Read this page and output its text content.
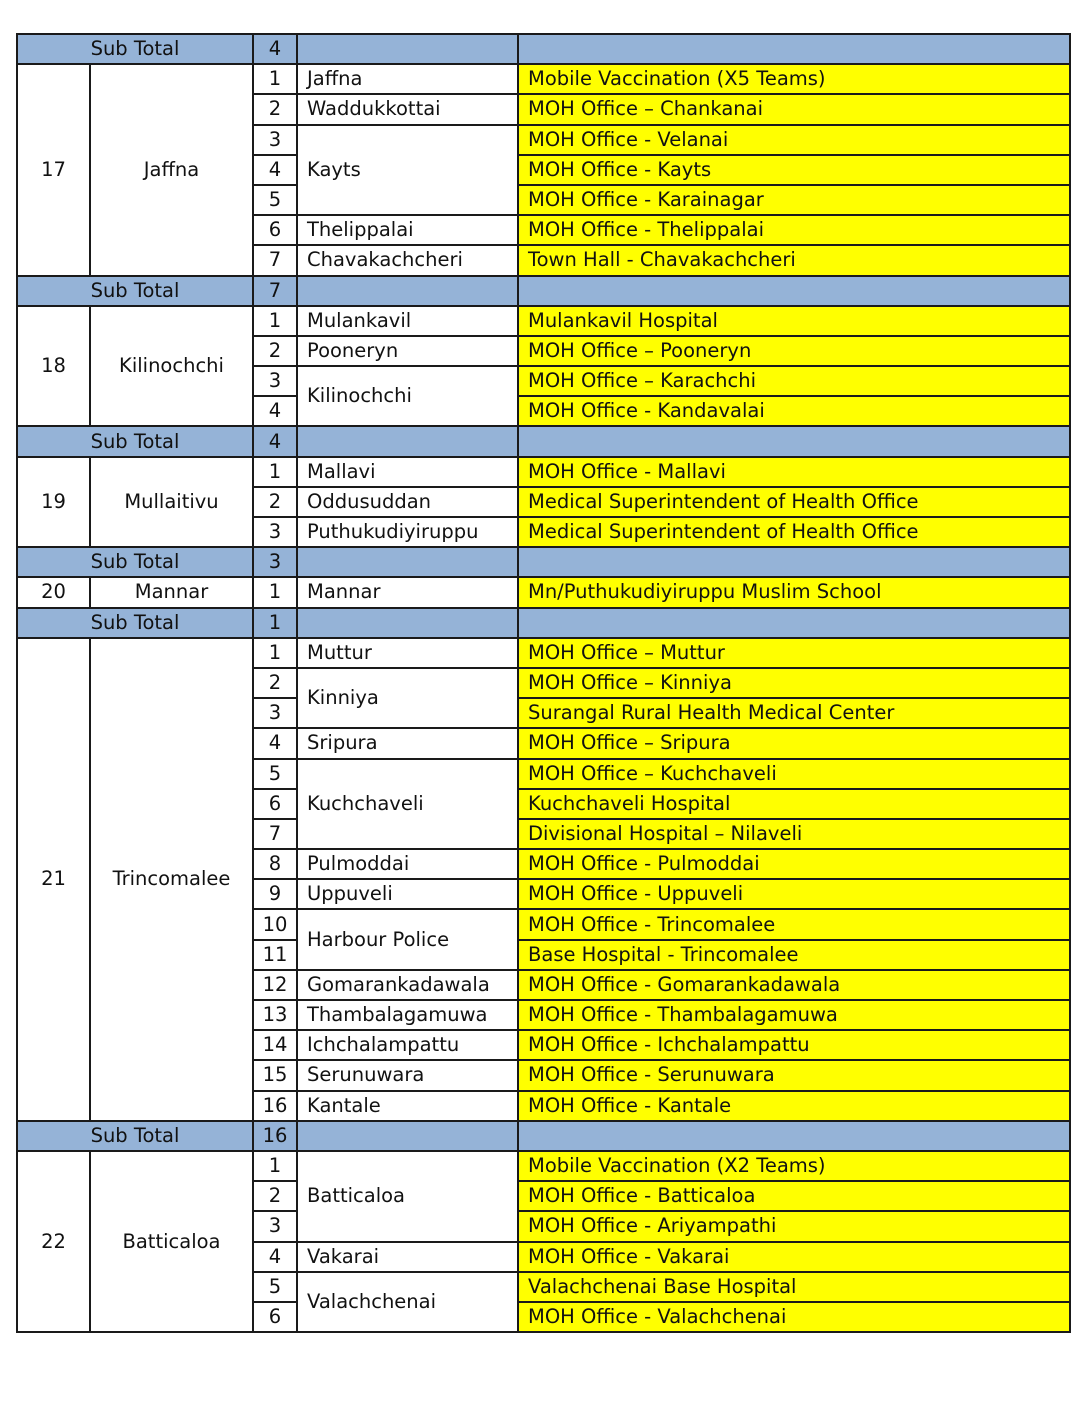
Sub Total		4		
17	Jaffna	1	Jaffna	Mobile Vaccination (X5 Teams)
		2	Waddukkottai	MOH Office – Chankanai
		3	Kayts	MOH Office - Velanai
		4		MOH Office - Kayts
		5		MOH Office - Karainagar
		6	Thelippalai	MOH Office - Thelippalai
		7	Chavakachcheri	Town Hall - Chavakachcheri
Sub Total		7		
18	Kilinochchi	1	Mulankavil	Mulankavil Hospital
		2	Pooneryn	MOH Office – Pooneryn
		3	Kilinochchi	MOH Office – Karachchi
		4		MOH Office - Kandavalai
Sub Total		4		
19	Mullaitivu	1	Mallavi	MOH Office - Mallavi
		2	Oddusuddan	Medical Superintendent of Health Office
		3	Puthukudiyiruppu	Medical Superintendent of Health Office
Sub Total		3		
20	Mannar	1	Mannar	Mn/Puthukudiyiruppu Muslim School
Sub Total		1		
21	Trincomalee	1	Muttur	MOH Office – Muttur
		2	Kinniya	MOH Office – Kinniya
		3		Surangal Rural Health Medical Center
		4	Sripura	MOH Office – Sripura
		5	Kuchchaveli	MOH Office – Kuchchaveli
		6		Kuchchaveli Hospital
		7		Divisional Hospital – Nilaveli
		8	Pulmoddai	MOH Office - Pulmoddai
		9	Uppuveli	MOH Office - Uppuveli
		10	Harbour Police	MOH Office - Trincomalee
		11		Base Hospital - Trincomalee
		12	Gomarankadawala	MOH Office - Gomarankadawala
		13	Thambalagamuwa	MOH Office - Thambalagamuwa
		14	Ichchalampattu	MOH Office - Ichchalampattu
		15	Serunuwara	MOH Office - Serunuwara
		16	Kantale	MOH Office - Kantale
Sub Total		16		
22	Batticaloa	1	Batticaloa	Mobile Vaccination (X2 Teams)
		2		MOH Office - Batticaloa
		3		MOH Office - Ariyampathi
		4	Vakarai	MOH Office - Vakarai
		5	Valachchenai	Valachchenai Base Hospital
		6		MOH Office - Valachchenai
